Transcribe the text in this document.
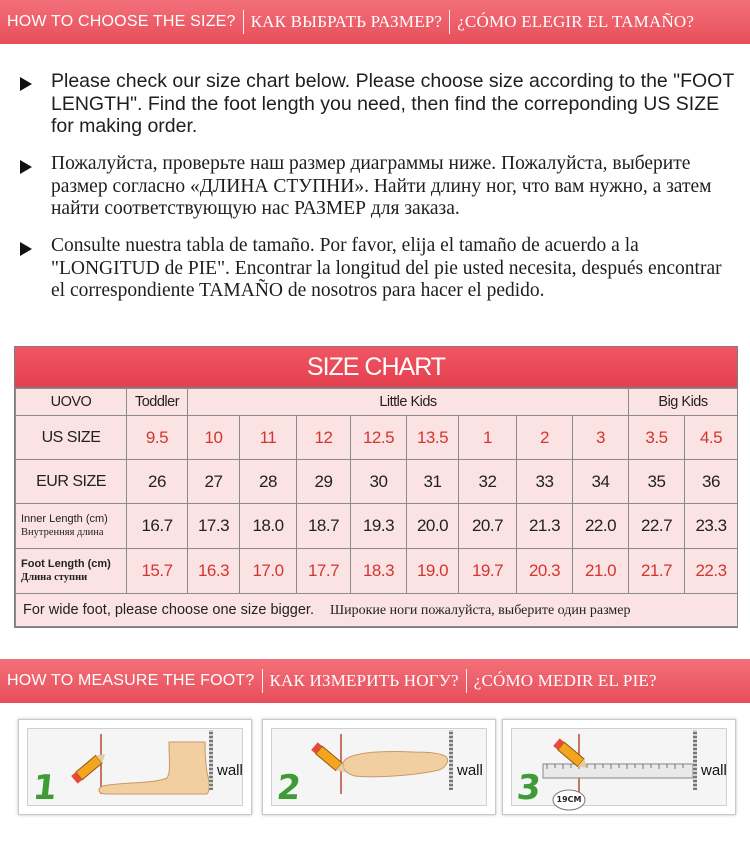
HOW TO CHOOSE THE SIZE? КАК ВЫБРАТЬ РАЗМЕР? ¿CÓMO ELEGIR EL TAMAÑO?
Please check our size chart below. Please choose size according to the "FOOT LENGTH". Find the foot length you need, then find the correponding US SIZE for making order.
Пожалуйста, проверьте наш размер диаграммы ниже. Пожалуйста, выберите размер согласно «ДЛИНА СТУПНИ». Найти длину ног, что вам нужно, а затем найти соответствующую нас РАЗМЕР для заказа.
Consulte nuestra tabla de tamaño. Por favor, elija el tamaño de acuerdo a la "LONGITUD de PIE". Encontrar la longitud del pie usted necesita, después encontrar el correspondiente TAMAÑO de nosotros para hacer el pedido.
SIZE CHART
UOVO	Toddler	Little Kids								Big Kids	
US SIZE	9.5	10	11	12	12.5	13.5	1	2	3	3.5	4.5
EUR SIZE	26	27	28	29	30	31	32	33	34	35	36

Inner Length (cm)
Внутренняя длина	16.7	17.3	18.0	18.7	19.3	20.0	20.7	21.3	22.0	22.7	23.3

Foot Length (cm)
Длина ступни	15.7	16.3	17.0	17.7	18.3	19.0	19.7	20.3	21.0	21.7	22.3
For wide foot, please choose one size bigger. Широкие ноги пожалуйста, выберите один размер											
HOW TO MEASURE THE FOOT? КАК ИЗМЕРИТЬ НОГУ? ¿CÓMO MEDIR EL PIE?
wall
1	wall
2	19CM
wall
3
